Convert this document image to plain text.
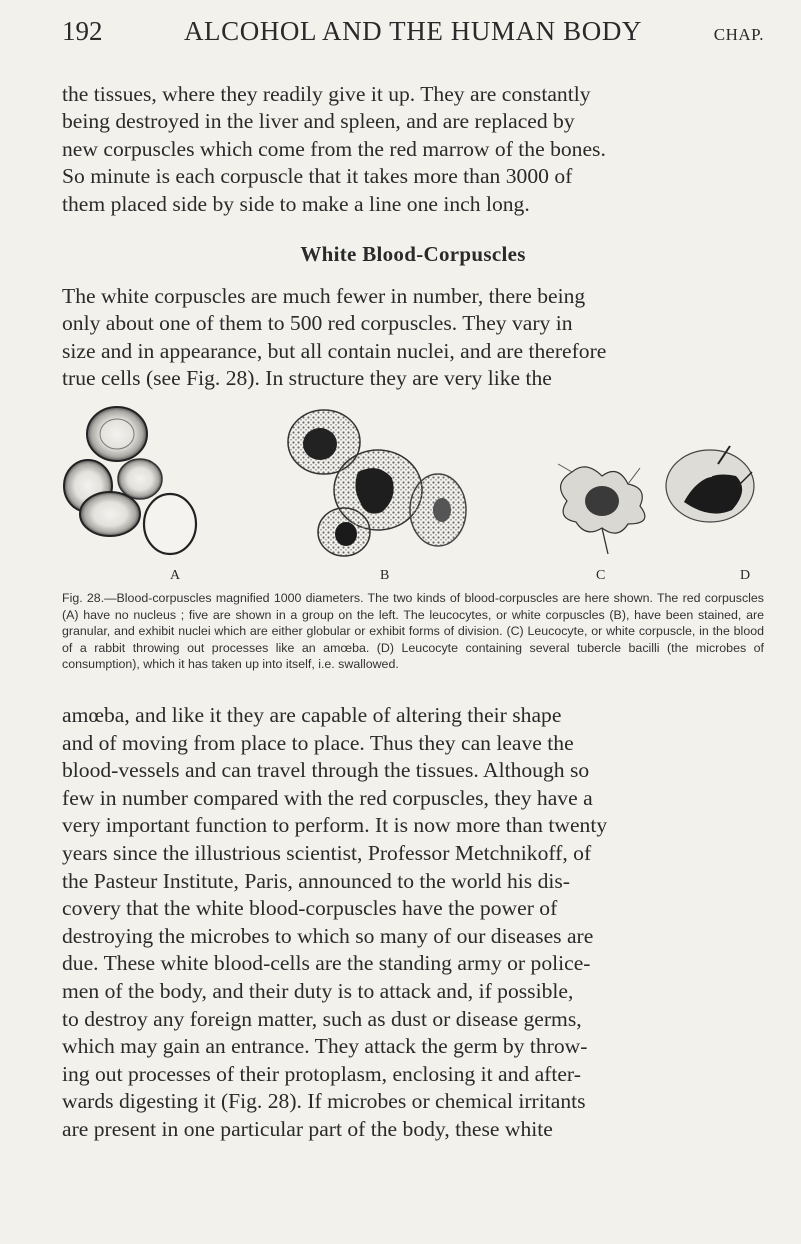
192	ALCOHOL AND THE HUMAN BODY	CHAP.

the tissues, where they readily give it up. They are constantly
being destroyed in the liver and spleen, and are replaced by
new corpuscles which come from the red marrow of the bones.
So minute is each corpuscle that it takes more than 3000 of
them placed side by side to make a line one inch long.

White Blood-Corpuscles

The white corpuscles are much fewer in number, there being
only about one of them to 500 red corpuscles. They vary in
size and in appearance, but all contain nuclei, and are therefore
true cells (see Fig. 28). In structure they are very like the

A	B	C	D

Fig. 28.—Blood-corpuscles magnified 1000 diameters. The two kinds of blood-corpuscles are here shown. The red corpuscles (A) have no nucleus ; five are shown in a group on the left. The leucocytes, or white corpuscles (B), have been stained, are granular, and exhibit nuclei which are either globular or exhibit forms of division. (C) Leucocyte, or white corpuscle, in the blood of a rabbit throwing out processes like an amœba. (D) Leucocyte containing several tubercle bacilli (the microbes of consumption), which it has taken up into itself, i.e. swallowed.

amœba, and like it they are capable of altering their shape
and of moving from place to place. Thus they can leave the
blood-vessels and can travel through the tissues. Although so
few in number compared with the red corpuscles, they have a
very important function to perform. It is now more than twenty
years since the illustrious scientist, Professor Metchnikoff, of
the Pasteur Institute, Paris, announced to the world his dis-
covery that the white blood-corpuscles have the power of
destroying the microbes to which so many of our diseases are
due. These white blood-cells are the standing army or police-
men of the body, and their duty is to attack and, if possible,
to destroy any foreign matter, such as dust or disease germs,
which may gain an entrance. They attack the germ by throw-
ing out processes of their protoplasm, enclosing it and after-
wards digesting it (Fig. 28). If microbes or chemical irritants
are present in one particular part of the body, these white
